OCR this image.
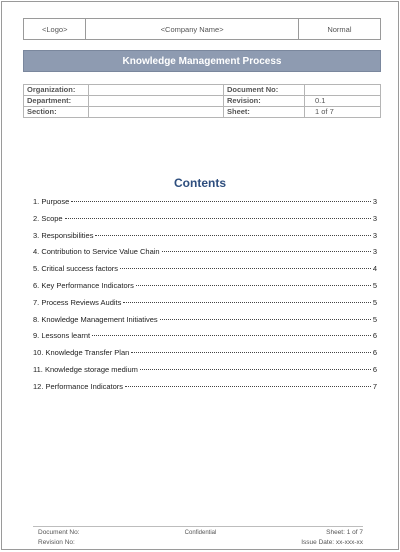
<Logo>	<Company Name>	Normal
Knowledge Management Process
Organization:		Document No:	
Department:		Revision:	0.1
Section:		Sheet:	1 of 7
Contents
1. Purpose	3
2. Scope	3
3. Responsibilities	3
4. Contribution to Service Value Chain	3
5. Critical success factors	4
6. Key Performance Indicators	5
7. Process Reviews Audits	5
8. Knowledge Management Initiatives	5
9. Lessons learnt	6
10. Knowledge Transfer Plan	6
11. Knowledge storage medium	6
12. Performance Indicators	7
Confidential
Document No:	Sheet: 1 of 7
Revision No:	Issue Date: xx-xxx-xx
